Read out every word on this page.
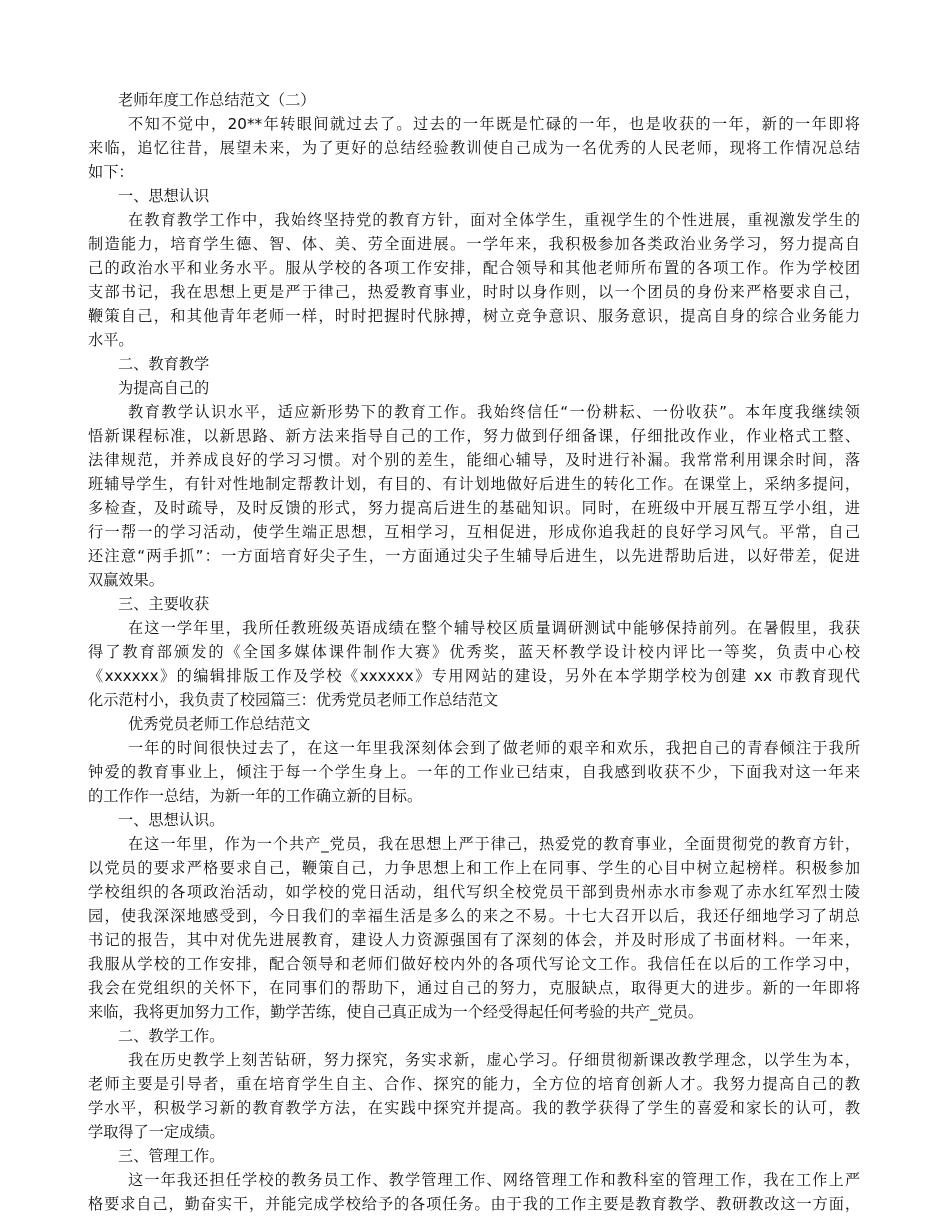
老师年度工作总结范文（二）
不知不觉中，20**年转眼间就过去了。过去的一年既是忙碌的一年，也是收获的一年，新的一年即将
来临，追忆往昔，展望未来，为了更好的总结经验教训使自己成为一名优秀的人民老师，现将工作情况总结
如下：
一、思想认识
在教育教学工作中，我始终坚持党的教育方针，面对全体学生，重视学生的个性进展，重视激发学生的
制造能力，培育学生德、智、体、美、劳全面进展。一学年来，我积极参加各类政治业务学习，努力提高自
己的政治水平和业务水平。服从学校的各项工作安排，配合领导和其他老师所布置的各项工作。作为学校团
支部书记，我在思想上更是严于律己，热爱教育事业，时时以身作则，以一个团员的身份来严格要求自己，
鞭策自己，和其他青年老师一样，时时把握时代脉搏，树立竞争意识、服务意识，提高自身的综合业务能力
水平。
二、教育教学
为提高自己的
教育教学认识水平，适应新形势下的教育工作。我始终信任“一份耕耘、一份收获”。本年度我继续领
悟新课程标准，以新思路、新方法来指导自己的工作，努力做到仔细备课，仔细批改作业，作业格式工整、
法律规范，并养成良好的学习习惯。对个别的差生，能细心辅导，及时进行补漏。我常常利用课余时间，落
班辅导学生，有针对性地制定帮教计划，有目的、有计划地做好后进生的转化工作。在课堂上，采纳多提问，
多检查，及时疏导，及时反馈的形式，努力提高后进生的基础知识。同时，在班级中开展互帮互学小组，进
行一帮一的学习活动，使学生端正思想，互相学习，互相促进，形成你追我赶的良好学习风气。平常，自己
还注意“两手抓”：一方面培育好尖子生，一方面通过尖子生辅导后进生，以先进帮助后进，以好带差，促进
双赢效果。
三、主要收获
在这一学年里，我所任教班级英语成绩在整个辅导校区质量调研测试中能够保持前列。在暑假里，我获
得了教育部颁发的《全国多媒体课件制作大赛》优秀奖，蓝天杯教学设计校内评比一等奖，负责中心校
《xxxxxx》的编辑排版工作及学校《xxxxxx》专用网站的建设，另外在本学期学校为创建 xx 市教育现代
化示范村小，我负责了校园篇三：优秀党员老师工作总结范文
优秀党员老师工作总结范文
一年的时间很快过去了，在这一年里我深刻体会到了做老师的艰辛和欢乐，我把自己的青春倾注于我所
钟爱的教育事业上，倾注于每一个学生身上。一年的工作业已结束，自我感到收获不少，下面我对这一年来
的工作作一总结，为新一年的工作确立新的目标。
一、思想认识。
在这一年里，作为一个共产_党员，我在思想上严于律己，热爱党的教育事业，全面贯彻党的教育方针，
以党员的要求严格要求自己，鞭策自己，力争思想上和工作上在同事、学生的心目中树立起榜样。积极参加
学校组织的各项政治活动，如学校的党日活动，组代写织全校党员干部到贵州赤水市参观了赤水红军烈士陵
园，使我深深地感受到，今日我们的幸福生活是多么的来之不易。十七大召开以后，我还仔细地学习了胡总
书记的报告，其中对优先进展教育，建设人力资源强国有了深刻的体会，并及时形成了书面材料。一年来，
我服从学校的工作安排，配合领导和老师们做好校内外的各项代写论文工作。我信任在以后的工作学习中，
我会在党组织的关怀下，在同事们的帮助下，通过自己的努力，克服缺点，取得更大的进步。新的一年即将
来临，我将更加努力工作，勤学苦练，使自己真正成为一个经受得起任何考验的共产_党员。
二、教学工作。
我在历史教学上刻苦钻研，努力探究，务实求新，虚心学习。仔细贯彻新课改教学理念，以学生为本，
老师主要是引导者，重在培育学生自主、合作、探究的能力，全方位的培育创新人才。我努力提高自己的教
学水平，积极学习新的教育教学方法，在实践中探究并提高。我的教学获得了学生的喜爱和家长的认可，教
学取得了一定成绩。
三、管理工作。
这一年我还担任学校的教务员工作、教学管理工作、网络管理工作和教科室的管理工作，我在工作上严
格要求自己，勤奋实干，并能完成学校给予的各项任务。由于我的工作主要是教育教学、教研教改这一方面，
